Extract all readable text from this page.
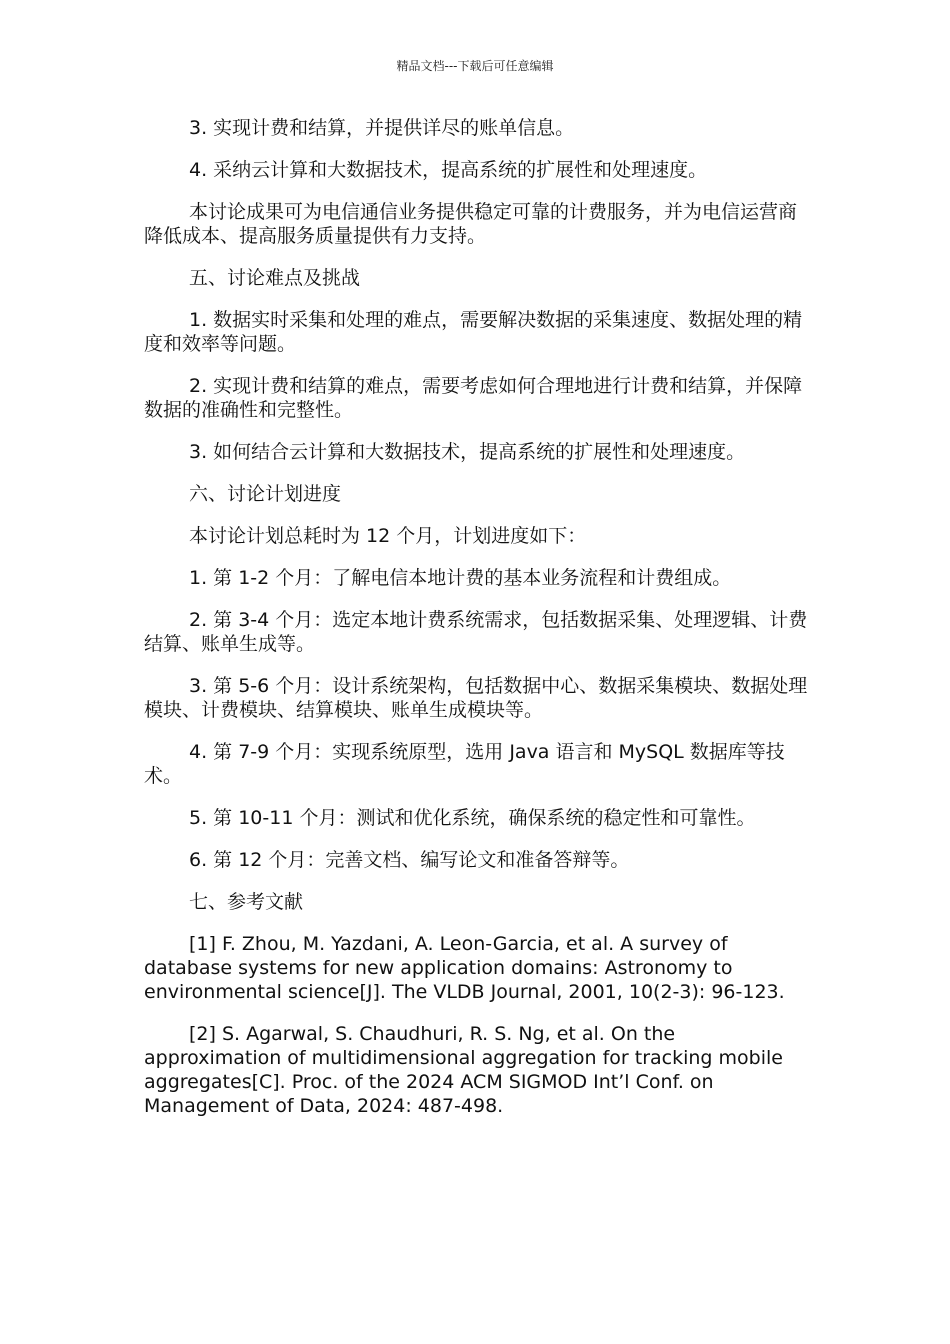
精品文档---下载后可任意编辑

3. 实现计费和结算，并提供详尽的账单信息。

4. 采纳云计算和大数据技术，提高系统的扩展性和处理速度。

本讨论成果可为电信通信业务提供稳定可靠的计费服务，并为电信运营商降低成本、提高服务质量提供有力支持。

五、讨论难点及挑战

1. 数据实时采集和处理的难点，需要解决数据的采集速度、数据处理的精度和效率等问题。

2. 实现计费和结算的难点，需要考虑如何合理地进行计费和结算，并保障数据的准确性和完整性。

3. 如何结合云计算和大数据技术，提高系统的扩展性和处理速度。

六、讨论计划进度

本讨论计划总耗时为 12 个月，计划进度如下：

1. 第 1-2 个月：了解电信本地计费的基本业务流程和计费组成。

2. 第 3-4 个月：选定本地计费系统需求，包括数据采集、处理逻辑、计费结算、账单生成等。

3. 第 5-6 个月：设计系统架构，包括数据中心、数据采集模块、数据处理模块、计费模块、结算模块、账单生成模块等。

4. 第 7-9 个月：实现系统原型，选用 Java 语言和 MySQL 数据库等技术。

5. 第 10-11 个月：测试和优化系统，确保系统的稳定性和可靠性。

6. 第 12 个月：完善文档、编写论文和准备答辩等。

七、参考文献

[1] F. Zhou, M. Yazdani, A. Leon-Garcia, et al. A survey of database systems for new application domains: Astronomy to environmental science[J]. The VLDB Journal, 2001, 10(2-3): 96-123.

[2] S. Agarwal, S. Chaudhuri, R. S. Ng, et al. On the approximation of multidimensional aggregation for tracking mobile aggregates[C]. Proc. of the 2024 ACM SIGMOD Int’l Conf. on Management of Data, 2024: 487-498.
